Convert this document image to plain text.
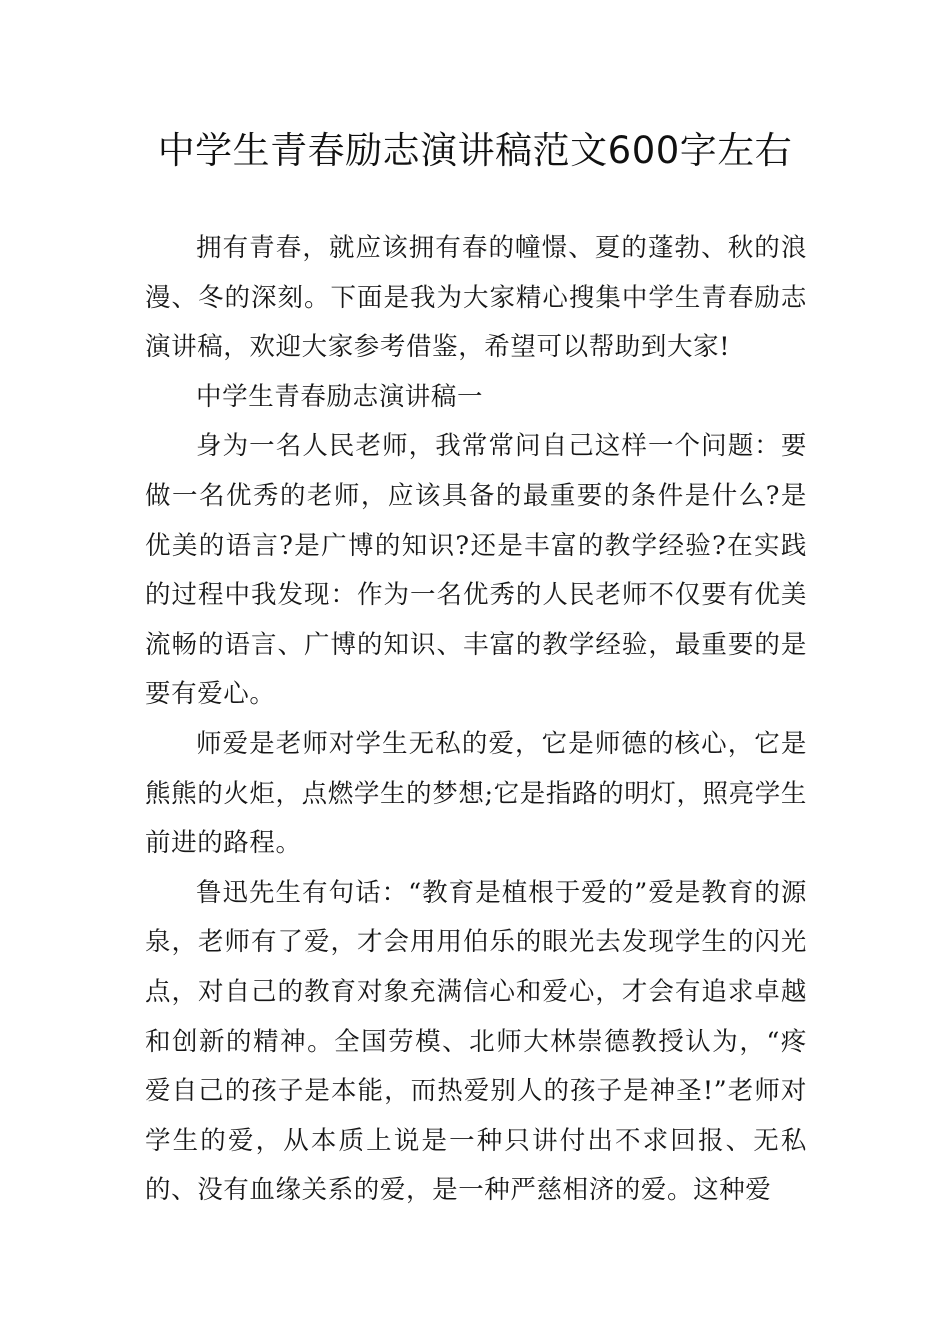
中学生青春励志演讲稿范文600字左右

拥有青春，就应该拥有春的幢憬、夏的蓬勃、秋的浪漫、冬的深刻。下面是我为大家精心搜集中学生青春励志演讲稿，欢迎大家参考借鉴，希望可以帮助到大家!

中学生青春励志演讲稿一

身为一名人民老师，我常常问自己这样一个问题：要做一名优秀的老师，应该具备的最重要的条件是什么?是优美的语言?是广博的知识?还是丰富的教学经验?在实践的过程中我发现：作为一名优秀的人民老师不仅要有优美流畅的语言、广博的知识、丰富的教学经验，最重要的是要有爱心。

师爱是老师对学生无私的爱，它是师德的核心，它是熊熊的火炬，点燃学生的梦想;它是指路的明灯，照亮学生前进的路程。

鲁迅先生有句话：“教育是植根于爱的”爱是教育的源泉，老师有了爱，才会用用伯乐的眼光去发现学生的闪光点，对自己的教育对象充满信心和爱心，才会有追求卓越和创新的精神。全国劳模、北师大林崇德教授认为，“疼爱自己的孩子是本能，而热爱别人的孩子是神圣!”老师对学生的爱，从本质上说是一种只讲付出不求回报、无私的、没有血缘关系的爱，是一种严慈相济的爱。这种爱
